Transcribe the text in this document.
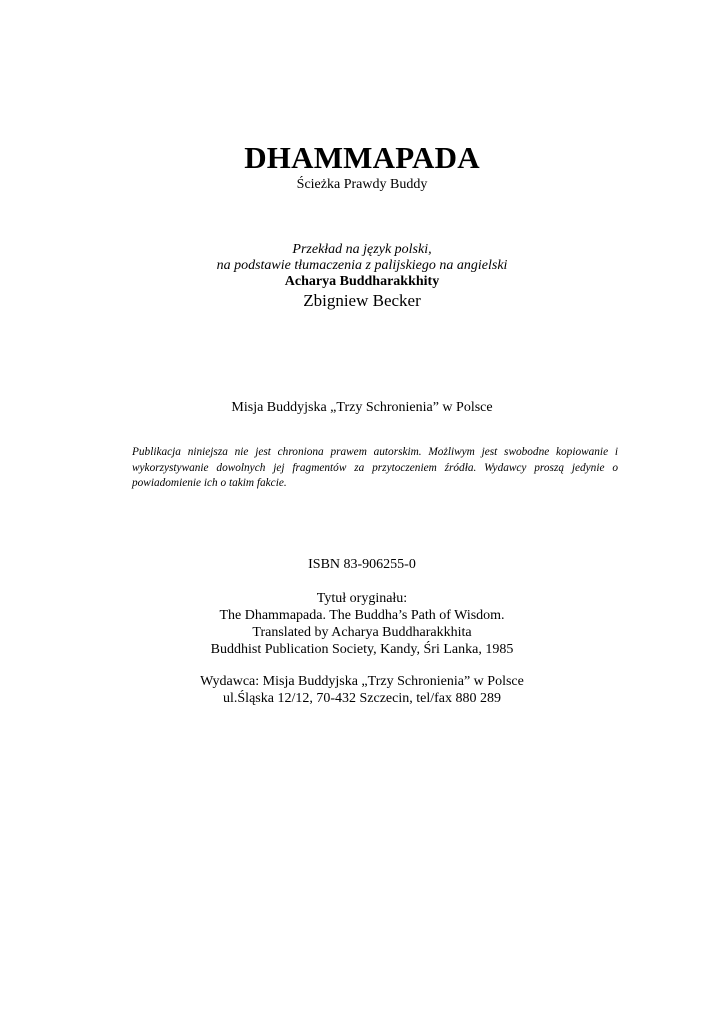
DHAMMAPADA
Ścieżka Prawdy Buddy
Przekład na język polski,
na podstawie tłumaczenia z palijskiego na angielski
Acharya Buddharakkhity
Zbigniew Becker
Misja Buddyjska „Trzy Schronienia” w Polsce
Publikacja niniejsza nie jest chroniona prawem autorskim. Możliwym jest swobodne kopiowanie i wykorzystywanie dowolnych jej fragmentów za przytoczeniem źródła. Wydawcy proszą jedynie o powiadomienie ich o takim fakcie.
ISBN 83-906255-0
Tytuł oryginału:
The Dhammapada. The Buddha’s Path of Wisdom.
Translated by Acharya Buddharakkhita
Buddhist Publication Society, Kandy, Śri Lanka, 1985
Wydawca: Misja Buddyjska „Trzy Schronienia” w Polsce
ul.Śląska 12/12, 70-432 Szczecin, tel/fax 880 289
